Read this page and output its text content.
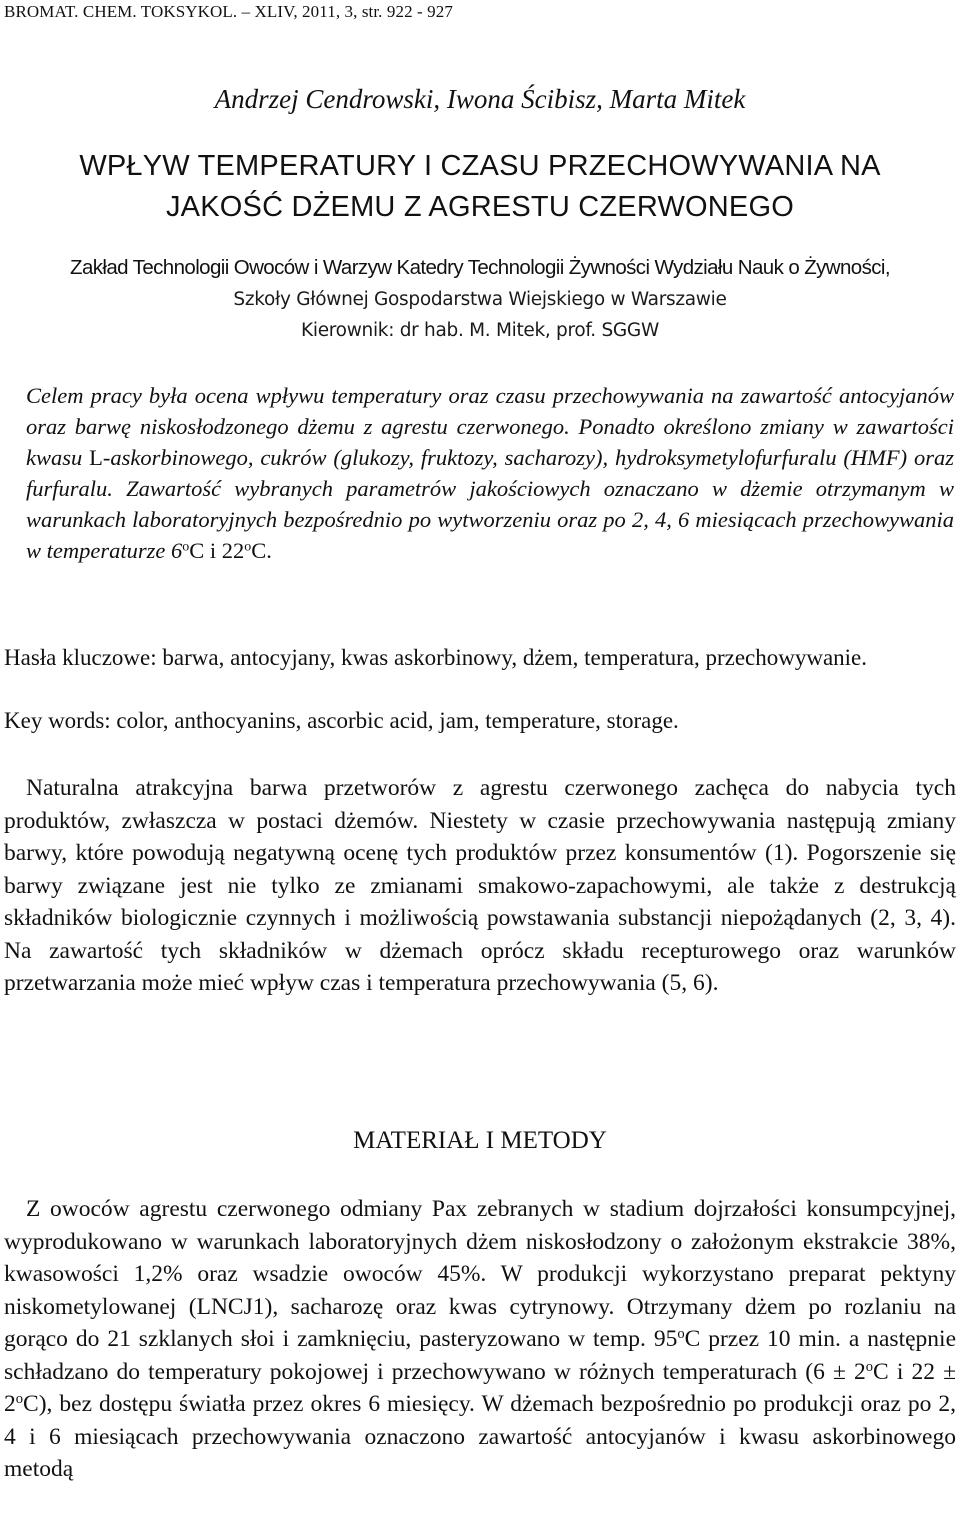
BROMAT. CHEM. TOKSYKOL. – XLIV, 2011, 3, str. 922 - 927
Andrzej Cendrowski, Iwona Ścibisz, Marta Mitek
WPŁYW TEMPERATURY I CZASU PRZECHOWYWANIA NA
JAKOŚĆ DŻEMU Z AGRESTU CZERWONEGO
Zakład Technologii Owoców i Warzyw Katedry Technologii Żywności Wydziału Nauk o Żywności,
Szkoły Głównej Gospodarstwa Wiejskiego w Warszawie
Kierownik: dr hab. M. Mitek, prof. SGGW
Celem pracy była ocena wpływu temperatury oraz czasu przechowywania na zawartość antocyjanów oraz barwę niskosłodzonego dżemu z agrestu czerwonego. Ponadto określono zmiany w zawartości kwasu L-askorbinowego, cukrów (glukozy, fruktozy, sacharozy), hydroksymetylofurfuralu (HMF) oraz furfuralu. Zawartość wybranych parametrów jakościowych oznaczano w dżemie otrzymanym w warunkach laboratoryjnych bezpośrednio po wytworzeniu oraz po 2, 4, 6 miesiącach przechowywania w temperaturze 6$^o$C i 22$^o$C.
Hasła kluczowe: barwa, antocyjany, kwas askorbinowy, dżem, temperatura, przechowywanie.
Key words: color, anthocyanins, ascorbic acid, jam, temperature, storage.
Naturalna atrakcyjna barwa przetworów z agrestu czerwonego zachęca do nabycia tych produktów, zwłaszcza w postaci dżemów. Niestety w czasie przechowywania następują zmiany barwy, które powodują negatywną ocenę tych produktów przez konsumentów (1). Pogorszenie się barwy związane jest nie tylko ze zmianami smakowo-zapachowymi, ale także z destrukcją składników biologicznie czynnych i możliwością powstawania substancji niepożądanych (2, 3, 4). Na zawartość tych składników w dżemach oprócz składu recepturowego oraz warunków przetwarzania może mieć wpływ czas i temperatura przechowywania (5, 6).
MATERIAŁ I METODY
Z owoców agrestu czerwonego odmiany Pax zebranych w stadium dojrzałości konsumpcyjnej, wyprodukowano w warunkach laboratoryjnych dżem niskosłodzony o założonym ekstrakcie 38%, kwasowości 1,2% oraz wsadzie owoców 45%. W produkcji wykorzystano preparat pektyny niskometylowanej (LNCJ1), sacharozę oraz kwas cytrynowy. Otrzymany dżem po rozlaniu na gorąco do 21 szklanych słoi i zamknięciu, pasteryzowano w temp. 95$^o$C przez 10 min. a następnie schładzano do temperatury pokojowej i przechowywano w różnych temperaturach ($6 \pm 2^oC$ i $22 \pm 2^oC$), bez dostępu światła przez okres 6 miesięcy. W dżemach bezpośrednio po produkcji oraz po 2, 4 i 6 miesiącach przechowywania oznaczono zawartość antocyjanów i kwasu askorbinowego metodą
